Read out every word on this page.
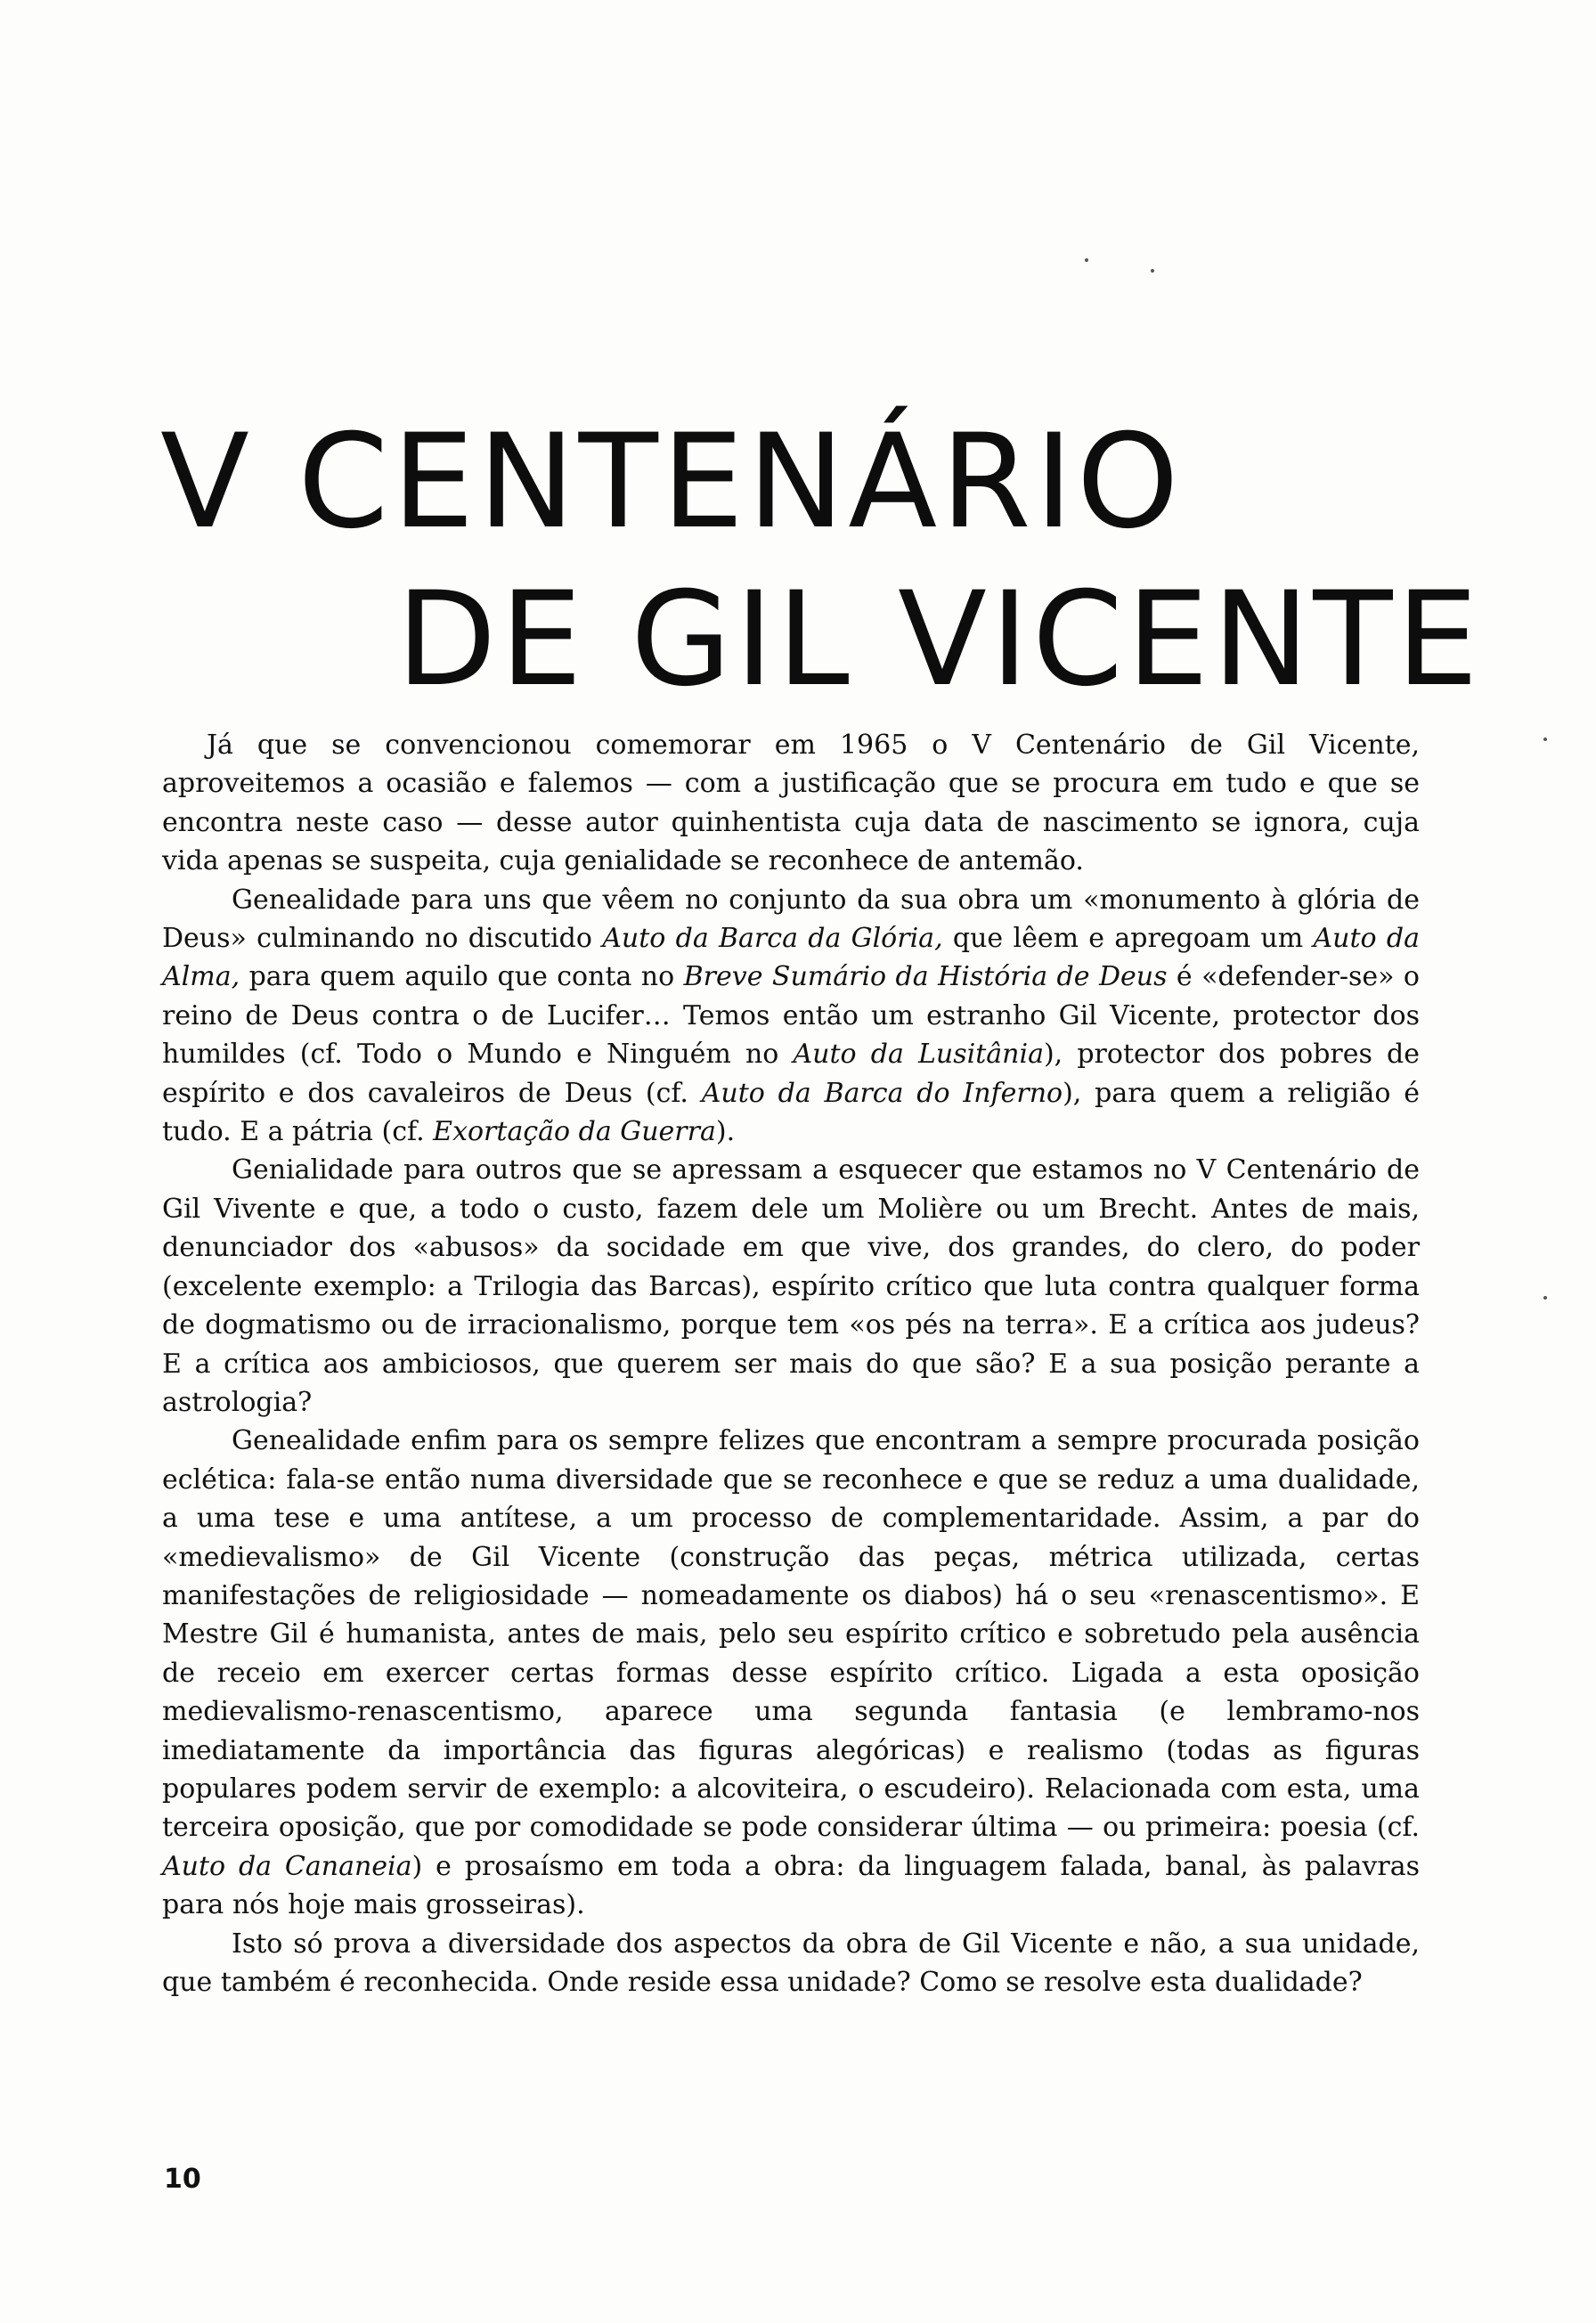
V CENTENÁRIO
DE GIL VICENTE

Já que se convencionou comemorar em 1965 o V Centenário de Gil Vicente, aproveitemos a ocasião e falemos — com a justificação que se procura em tudo e que se encontra neste caso — desse autor quinhentista cuja data de nascimento se ignora, cuja vida apenas se suspeita, cuja genialidade se reconhece de antemão.

Genealidade para uns que vêem no conjunto da sua obra um «monumento à glória de Deus» culminando no discutido Auto da Barca da Glória, que lêem e apregoam um Auto da Alma, para quem aquilo que conta no Breve Sumário da História de Deus é «defender-se» o reino de Deus contra o de Lucifer… Temos então um estranho Gil Vicente, protector dos humildes (cf. Todo o Mundo e Ninguém no Auto da Lusitânia), protector dos pobres de espírito e dos cavaleiros de Deus (cf. Auto da Barca do Inferno), para quem a religião é tudo. E a pátria (cf. Exortação da Guerra).

Genialidade para outros que se apressam a esquecer que estamos no V Centenário de Gil Vivente e que, a todo o custo, fazem dele um Molière ou um Brecht. Antes de mais, denunciador dos «abusos» da socidade em que vive, dos grandes, do clero, do poder (excelente exemplo: a Trilogia das Barcas), espírito crítico que luta contra qualquer forma de dogmatismo ou de irracionalismo, porque tem «os pés na terra». E a crítica aos judeus? E a crítica aos ambiciosos, que querem ser mais do que são? E a sua posição perante a astrologia?

Genealidade enfim para os sempre felizes que encontram a sempre procurada posição eclética: fala-se então numa diversidade que se reconhece e que se reduz a uma dualidade, a uma tese e uma antítese, a um processo de complementaridade. Assim, a par do «medievalismo» de Gil Vicente (construção das peças, métrica utilizada, certas manifestações de religiosidade — nomeadamente os diabos) há o seu «renascentismo». E Mestre Gil é humanista, antes de mais, pelo seu espírito crítico e sobretudo pela ausência de receio em exercer certas formas desse espírito crítico. Ligada a esta oposição medievalismo-renascentismo, aparece uma segunda fantasia (e lembramo-nos imediatamente da importância das figuras alegóricas) e realismo (todas as figuras populares podem servir de exemplo: a alcoviteira, o escudeiro). Relacionada com esta, uma terceira oposição, que por comodidade se pode considerar última — ou primeira: poesia (cf. Auto da Cananeia) e prosaísmo em toda a obra: da linguagem falada, banal, às palavras para nós hoje mais grosseiras).

Isto só prova a diversidade dos aspectos da obra de Gil Vicente e não, a sua unidade, que também é reconhecida. Onde reside essa unidade? Como se resolve esta dualidade?

10
